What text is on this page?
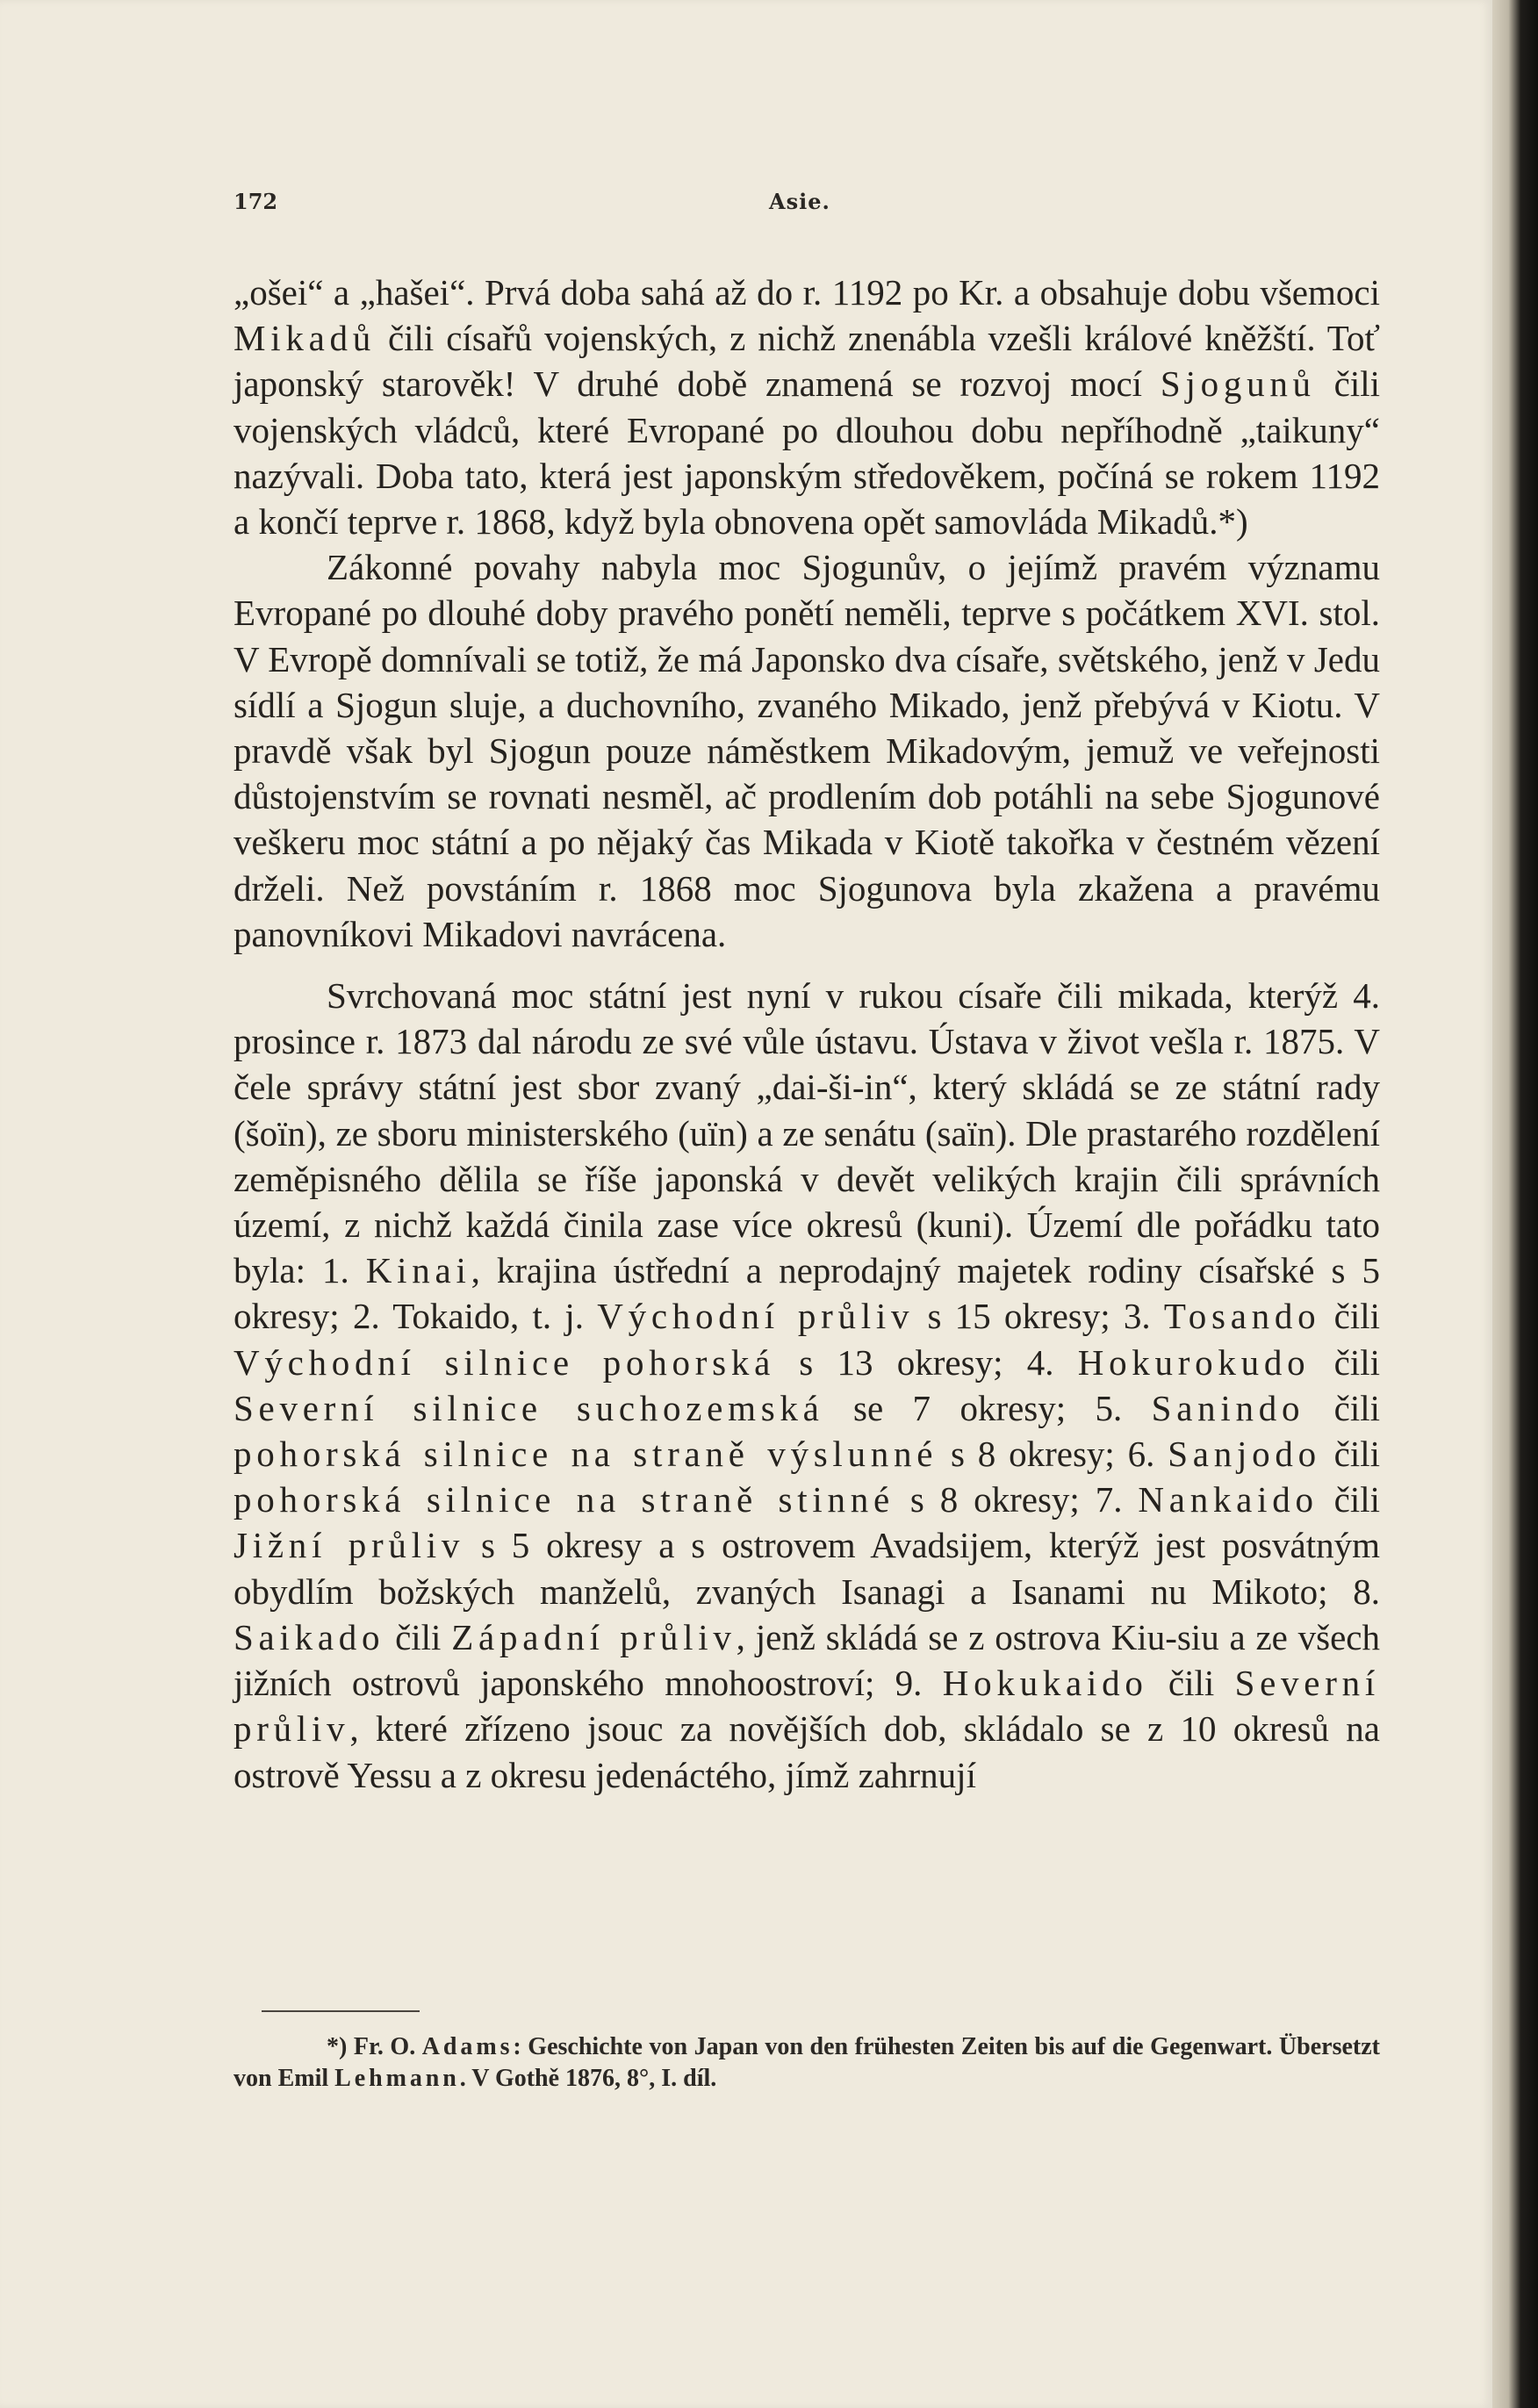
172	Asie.

„ošei“ a „hašei“. Prvá doba sahá až do r. 1192 po Kr. a obsahuje dobu všemoci Mikadů čili císařů vojenských, z nichž znenábla vzešli králové kněžští. Toť japonský starověk! V druhé době znamená se rozvoj mocí Sjogunů čili vojenských vládců, které Evropané po dlouhou dobu nepříhodně „taikuny“ nazývali. Doba tato, která jest japonským středověkem, počíná se rokem 1192 a končí teprve r. 1868, když byla obnovena opět samovláda Mikadů.*)

Zákonné povahy nabyla moc Sjogunův, o jejímž pravém významu Evropané po dlouhé doby pravého ponětí neměli, teprve s počátkem XVI. stol. V Evropě domnívali se totiž, že má Japonsko dva císaře, světského, jenž v Jedu sídlí a Sjogun sluje, a duchovního, zvaného Mikado, jenž přebývá v Kiotu. V pravdě však byl Sjogun pouze náměstkem Mikadovým, jemuž ve veřejnosti důstojenstvím se rovnati nesměl, ač prodlením dob potáhli na sebe Sjogunové veškeru moc státní a po nějaký čas Mikada v Kiotě takořka v čestném vězení drželi. Než povstáním r. 1868 moc Sjogunova byla zkažena a pravému panovníkovi Mikadovi navrácena.

Svrchovaná moc státní jest nyní v rukou císaře čili mikada, kterýž 4. prosince r. 1873 dal národu ze své vůle ústavu. Ústava v život vešla r. 1875. V čele správy státní jest sbor zvaný „dai-ši-in“, který skládá se ze státní rady (šoïn), ze sboru ministerského (uïn) a ze senátu (saïn). Dle prastarého rozdělení zeměpisného dělila se říše japonská v devět velikých krajin čili správních území, z nichž každá činila zase více okresů (kuni). Území dle pořádku tato byla: 1. Kinai, krajina ústřední a neprodajný majetek rodiny císařské s 5 okresy; 2. Tokaido, t. j. Východní průliv s 15 okresy; 3. Tosando čili Východní silnice pohorská s 13 okresy; 4. Hokurokudo čili Severní silnice suchozemská se 7 okresy; 5. Sanindo čili pohorská silnice na straně výslunné s 8 okresy; 6. Sanjodo čili pohorská silnice na straně stinné s 8 okresy; 7. Nankaido čili Jižní průliv s 5 okresy a s ostrovem Avadsijem, kterýž jest posvátným obydlím božských manželů, zvaných Isanagi a Isanami nu Mikoto; 8. Saikado čili Západní průliv, jenž skládá se z ostrova Kiu-siu a ze všech jižních ostrovů japonského mnohoostroví; 9. Hokukaido čili Severní průliv, které zřízeno jsouc za novějších dob, skládalo se z 10 okresů na ostrově Yessu a z okresu jedenáctého, jímž zahrnují

*) Fr. O. Adams: Geschichte von Japan von den frühesten Zeiten bis auf die Gegenwart. Übersetzt von Emil Lehmann. V Gothě 1876, 8°, I. díl.
